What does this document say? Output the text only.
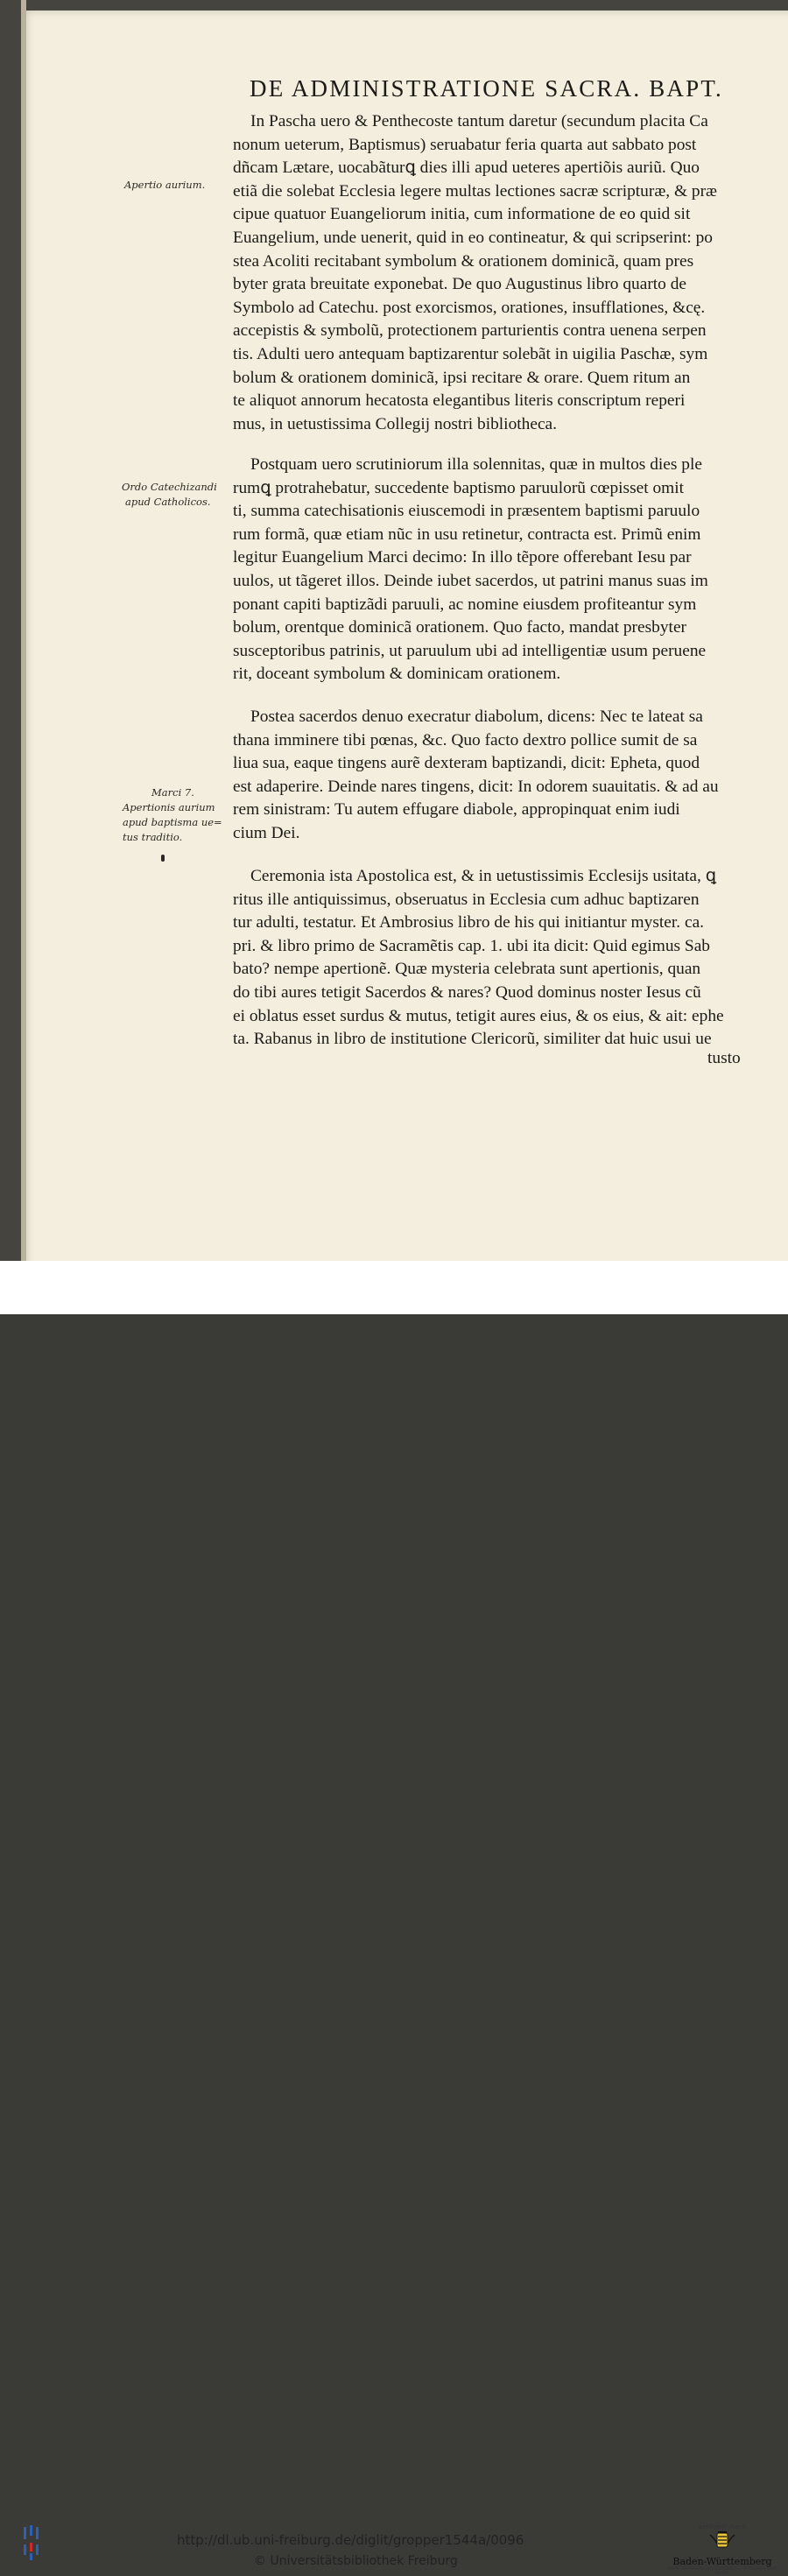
DE ADMINISTRATIONE SACRA. BAPT.
In Pascha uero & Penthecoste tantum daretur (secundum placita Ca
nonum ueterum, Baptismus) seruabatur feria quarta aut sabbato post
dñcam Lætare, uocabãturꝗ dies illi apud ueteres apertiõis auriũ. Quo
etiã die solebat Ecclesia legere multas lectiones sacræ scripturæ, & præ
cipue quatuor Euangeliorum initia, cum informatione de eo quid sit
Euangelium, unde uenerit, quid in eo contineatur, & qui scripserint: po
stea Acoliti recitabant symbolum & orationem dominicã, quam pres
byter grata breuitate exponebat. De quo Augustinus libro quarto de
Symbolo ad Catechu. post exorcismos, orationes, insufflationes, &cę.
accepistis & symbolũ, protectionem parturientis contra uenena serpen
tis. Adulti uero antequam baptizarentur solebãt in uigilia Paschæ, sym
bolum & orationem dominicã, ipsi recitare & orare. Quem ritum an
te aliquot annorum hecatosta elegantibus literis conscriptum reperi
mus, in uetustissima Collegij nostri bibliotheca.
Postquam uero scrutiniorum illa solennitas, quæ in multos dies ple
rumꝗ protrahebatur, succedente baptismo paruulorũ cœpisset omit
ti, summa catechisationis eiuscemodi in præsentem baptismi paruulo
rum formã, quæ etiam nũc in usu retinetur, contracta est. Primũ enim
legitur Euangelium Marci decimo: In illo tẽpore offerebant Iesu par
uulos, ut tãgeret illos. Deinde iubet sacerdos, ut patrini manus suas im
ponant capiti baptizãdi paruuli, ac nomine eiusdem profiteantur sym
bolum, orentque dominicã orationem. Quo facto, mandat presbyter
susceptoribus patrinis, ut paruulum ubi ad intelligentiæ usum peruene
rit, doceant symbolum & dominicam orationem.
Postea sacerdos denuo execratur diabolum, dicens: Nec te lateat sa
thana imminere tibi pœnas, &c. Quo facto dextro pollice sumit de sa
liua sua, eaque tingens aurẽ dexteram baptizandi, dicit: Epheta, quod
est adaperire. Deinde nares tingens, dicit: In odorem suauitatis. & ad au
rem sinistram: Tu autem effugare diabole, appropinquat enim iudi
cium Dei.
Ceremonia ista Apostolica est, & in uetustissimis Ecclesijs usitata, ꝗ
ritus ille antiquissimus, obseruatus in Ecclesia cum adhuc baptizaren
tur adulti, testatur. Et Ambrosius libro de his qui initiantur myster. ca.
pri. & libro primo de Sacramẽtis cap. 1. ubi ita dicit: Quid egimus Sab
bato? nempe apertionẽ. Quæ mysteria celebrata sunt apertionis, quan
do tibi aures tetigit Sacerdos & nares? Quod dominus noster Iesus cũ
ei oblatus esset surdus & mutus, tetigit aures eius, & os eius, & ait: ephe
ta. Rabanus in libro de institutione Clericorũ, similiter dat huic usui ue
Apertio aurium.
Ordo Catechizandi
apud Catholicos.
Marci 7.
Apertionis aurium
apud baptisma ue=
tus traditio.
tusto
http://dl.ub.uni-freiburg.de/diglit/gropper1544a/0096
© Universitätsbibliothek Freiburg
gefördert durch
Baden-Württemberg
MINISTERIUM FÜR WISSENSCHAFT, FORSCHUNG UND KUNST
